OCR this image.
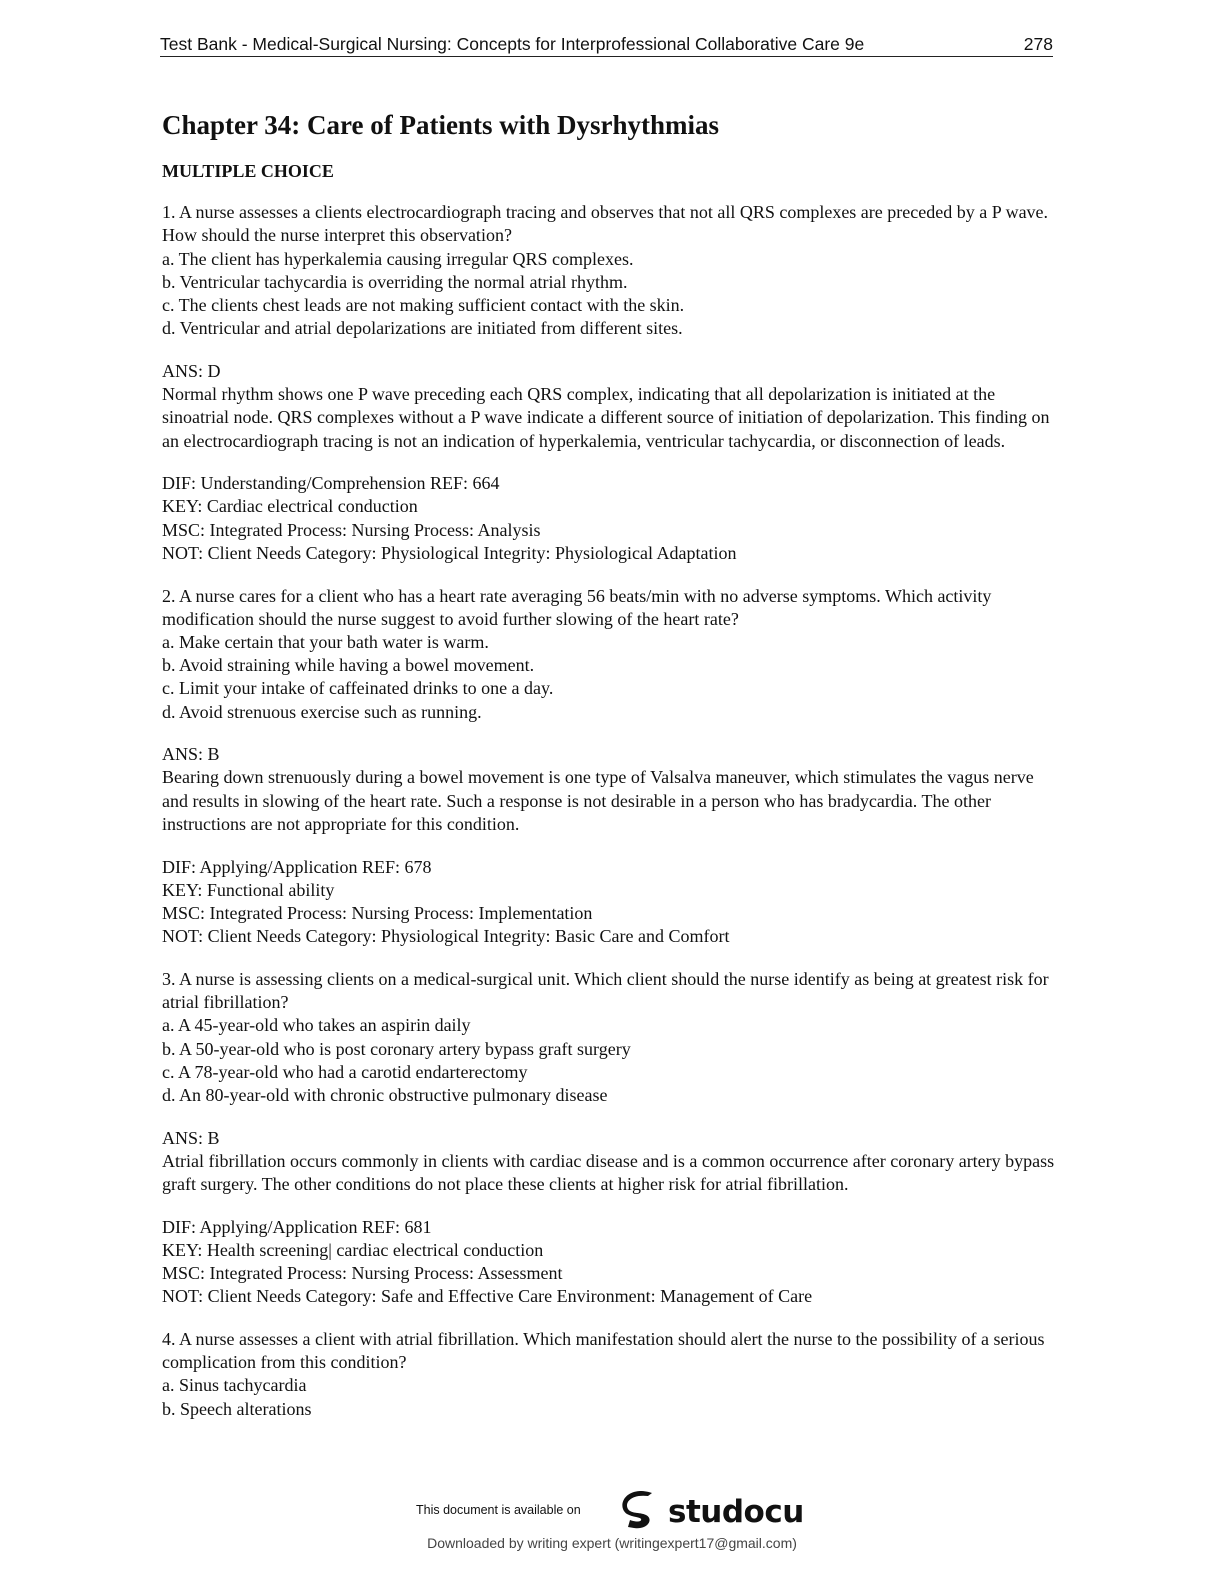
Test Bank - Medical-Surgical Nursing: Concepts for Interprofessional Collaborative Care 9e	278
Chapter 34: Care of Patients with Dysrhythmias
MULTIPLE CHOICE
1. A nurse assesses a clients electrocardiograph tracing and observes that not all QRS complexes are preceded by a P wave. How should the nurse interpret this observation?
a. The client has hyperkalemia causing irregular QRS complexes.
b. Ventricular tachycardia is overriding the normal atrial rhythm.
c. The clients chest leads are not making sufficient contact with the skin.
d. Ventricular and atrial depolarizations are initiated from different sites.
ANS: D
Normal rhythm shows one P wave preceding each QRS complex, indicating that all depolarization is initiated at the sinoatrial node. QRS complexes without a P wave indicate a different source of initiation of depolarization. This finding on an electrocardiograph tracing is not an indication of hyperkalemia, ventricular tachycardia, or disconnection of leads.
DIF: Understanding/Comprehension REF: 664
KEY: Cardiac electrical conduction
MSC: Integrated Process: Nursing Process: Analysis
NOT: Client Needs Category: Physiological Integrity: Physiological Adaptation
2. A nurse cares for a client who has a heart rate averaging 56 beats/min with no adverse symptoms. Which activity modification should the nurse suggest to avoid further slowing of the heart rate?
a. Make certain that your bath water is warm.
b. Avoid straining while having a bowel movement.
c. Limit your intake of caffeinated drinks to one a day.
d. Avoid strenuous exercise such as running.
ANS: B
Bearing down strenuously during a bowel movement is one type of Valsalva maneuver, which stimulates the vagus nerve and results in slowing of the heart rate. Such a response is not desirable in a person who has bradycardia. The other instructions are not appropriate for this condition.
DIF: Applying/Application REF: 678
KEY: Functional ability
MSC: Integrated Process: Nursing Process: Implementation
NOT: Client Needs Category: Physiological Integrity: Basic Care and Comfort
3. A nurse is assessing clients on a medical-surgical unit. Which client should the nurse identify as being at greatest risk for atrial fibrillation?
a. A 45-year-old who takes an aspirin daily
b. A 50-year-old who is post coronary artery bypass graft surgery
c. A 78-year-old who had a carotid endarterectomy
d. An 80-year-old with chronic obstructive pulmonary disease
ANS: B
Atrial fibrillation occurs commonly in clients with cardiac disease and is a common occurrence after coronary artery bypass graft surgery. The other conditions do not place these clients at higher risk for atrial fibrillation.
DIF: Applying/Application REF: 681
KEY: Health screening| cardiac electrical conduction
MSC: Integrated Process: Nursing Process: Assessment
NOT: Client Needs Category: Safe and Effective Care Environment: Management of Care
4. A nurse assesses a client with atrial fibrillation. Which manifestation should alert the nurse to the possibility of a serious complication from this condition?
a. Sinus tachycardia
b. Speech alterations
This document is available on	studocu
Downloaded by writing expert (writingexpert17@gmail.com)
